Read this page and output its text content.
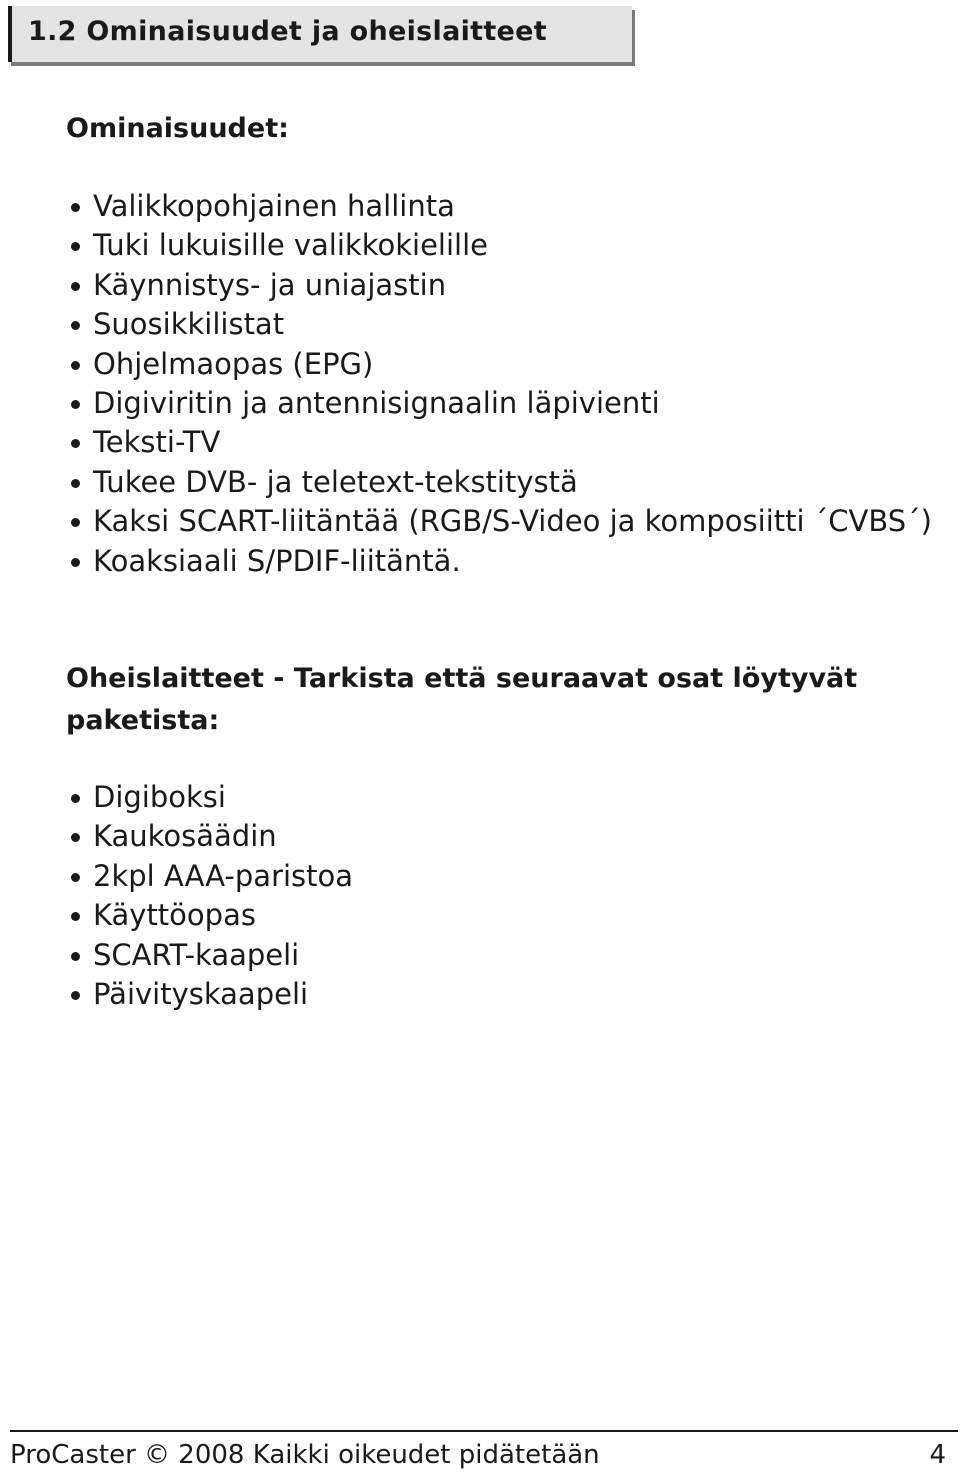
1.2 Ominaisuudet ja oheislaitteet
Ominaisuudet:
Valikkopohjainen hallinta
Tuki lukuisille valikkokielille
Käynnistys- ja uniajastin
Suosikkilistat
Ohjelmaopas (EPG)
Digiviritin ja antennisignaalin läpivienti
Teksti-TV
Tukee DVB- ja teletext-tekstitystä
Kaksi SCART-liitäntää (RGB/S-Video ja komposiitti ´CVBS´)
Koaksiaali S/PDIF-liitäntä.
Oheislaitteet - Tarkista että seuraavat osat löytyvät paketista:
Digiboksi
Kaukosäädin
2kpl AAA-paristoa
Käyttöopas
SCART-kaapeli
Päivityskaapeli
ProCaster © 2008 Kaikki oikeudet pidätetään	4
